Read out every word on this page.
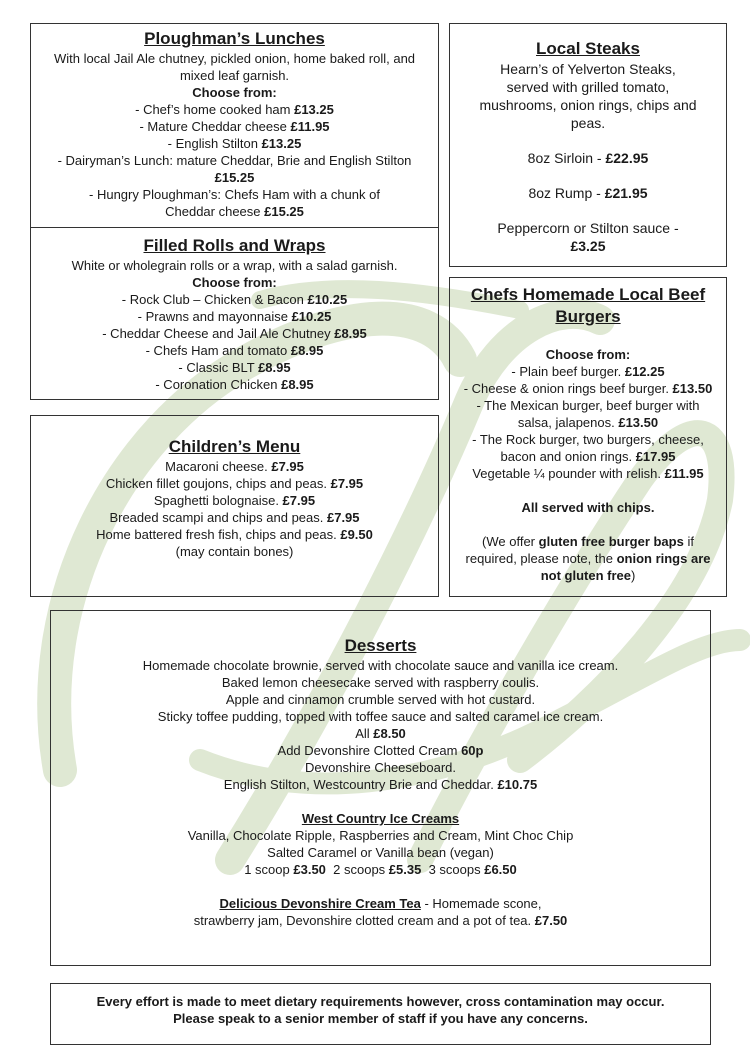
Ploughman’s Lunches

With local Jail Ale chutney, pickled onion, home baked roll, and

mixed leaf garnish.

Choose from:

- Chef’s home cooked ham £13.25

- Mature Cheddar cheese £11.95

- English Stilton £13.25

- Dairyman’s Lunch: mature Cheddar, Brie and English Stilton

£15.25

- Hungry Ploughman’s: Chefs Ham with a chunk of

Cheddar cheese £15.25

Filled Rolls and Wraps

White or wholegrain rolls or a wrap, with a salad garnish.

Choose from:

- Rock Club – Chicken & Bacon £10.25

- Prawns and mayonnaise £10.25

- Cheddar Cheese and Jail Ale Chutney £8.95

- Chefs Ham and tomato £8.95

- Classic BLT £8.95

- Coronation Chicken £8.95

Local Steaks

Hearn’s of Yelverton Steaks,

served with grilled tomato,

mushrooms, onion rings, chips and

peas.

8oz Sirloin - £22.95

8oz Rump - £21.95

Peppercorn or Stilton sauce -

£3.25

Chefs Homemade Local Beef

Burgers

Choose from:

- Plain beef burger. £12.25

- Cheese & onion rings beef burger. £13.50

- The Mexican burger, beef burger with

salsa, jalapenos. £13.50

- The Rock burger, two burgers, cheese,

bacon and onion rings. £17.95

Vegetable ¼ pounder with relish. £11.95

All served with chips.

(We offer gluten free burger baps if

required, please note, the onion rings are

not gluten free)

Children’s Menu

Macaroni cheese. £7.95

Chicken fillet goujons, chips and peas. £7.95

Spaghetti bolognaise. £7.95

Breaded scampi and chips and peas. £7.95

Home battered fresh fish, chips and peas. £9.50

(may contain bones)

Desserts

Homemade chocolate brownie, served with chocolate sauce and vanilla ice cream.

Baked lemon cheesecake served with raspberry coulis.

Apple and cinnamon crumble served with hot custard.

Sticky toffee pudding, topped with toffee sauce and salted caramel ice cream.

All £8.50

Add Devonshire Clotted Cream 60p

Devonshire Cheeseboard.

English Stilton, Westcountry Brie and Cheddar. £10.75

West Country Ice Creams

Vanilla, Chocolate Ripple, Raspberries and Cream, Mint Choc Chip

Salted Caramel or Vanilla bean (vegan)

1 scoop £3.50  2 scoops £5.35  3 scoops £6.50

Delicious Devonshire Cream Tea - Homemade scone,

strawberry jam, Devonshire clotted cream and a pot of tea. £7.50

Every effort is made to meet dietary requirements however, cross contamination may occur.

Please speak to a senior member of staff if you have any concerns.
